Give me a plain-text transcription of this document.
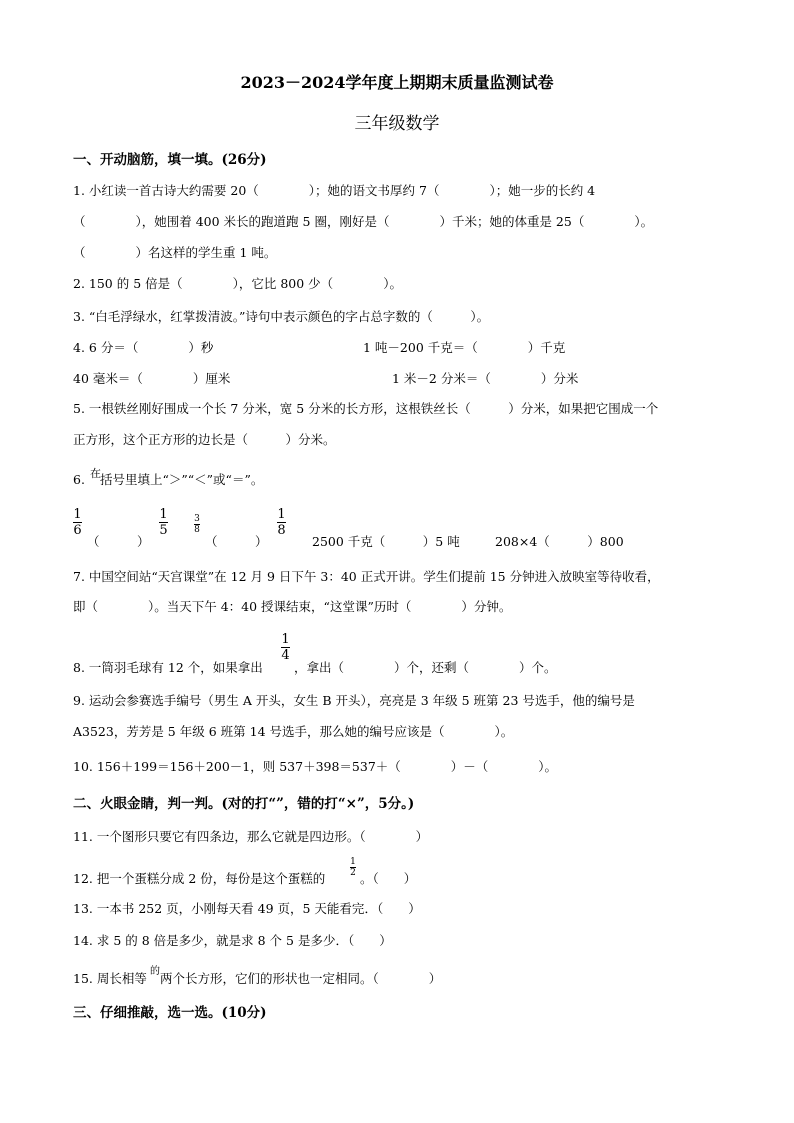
2023－2024学年度上期期末质量监测试卷
三年级数学
一、开动脑筋，填一填。(26分)
1. 小红读一首古诗大约需要 20（　　　　）；她的语文书厚约 7（　　　　）；她一步的长约 4
（　　　　），她围着 400 米长的跑道跑 5 圈，刚好是（　　　　）千米；她的体重是 25（　　　　）。
（　　　　）名这样的学生重 1 吨。
2. 150 的 5 倍是（　　　　），它比 800 少（　　　　）。
3. “白毛浮绿水，红掌拨清波。”诗句中表示颜色的字占总字数的（　　　）。
4. 6 分＝（　　　　）秒	1 吨－200 千克＝（　　　　）千克
40 毫米＝（　　　　）厘米	1 米－2 分米＝（　　　　）分米
5. 一根铁丝刚好围成一个长 7 分米，宽 5 分米的长方形，这根铁丝长（　　　）分米，如果把它围成一个
正方形，这个正方形的边长是（　　　）分米。
6. 在 括号里填上“＞”“＜”或“＝”。
1
6
（　　　）
1
5
3
8
（　　　）
1
8
2500 千克（　　　）5 吨	208×4（　　　）800
7. 中国空间站“天宫课堂”在 12 月 9 日下午 3：40 正式开讲。学生们提前 15 分钟进入放映室等待收看，
即（　　　　）。当天下午 4：40 授课结束，“这堂课”历时（　　　　）分钟。
8. 一筒羽毛球有 12 个，如果拿出
1
4
，拿出（　　　　）个，还剩（　　　　）个。
9. 运动会参赛选手编号（男生 A 开头，女生 B 开头），亮亮是 3 年级 5 班第 23 号选手，他的编号是
A3523，芳芳是 5 年级 6 班第 14 号选手，那么她的编号应该是（　　　　）。
10. 156＋199＝156＋200－1，则 537＋398＝537＋（　　　　）－（　　　　）。
二、火眼金睛，判一判。(对的打“”，错的打“×”，5分。)
11. 一个图形只要它有四条边，那么它就是四边形。（　　　　）
12. 把一个蛋糕分成 2 份，每份是这个蛋糕的
1
2 。（　　）
13. 一本书 252 页，小刚每天看 49 页，5 天能看完．（　　）
14. 求 5 的 8 倍是多少，就是求 8 个 5 是多少．（　　）
15. 周长相等 的 两个长方形，它们的形状也一定相同。（　　　　）
三、仔细推敲，选一选。(10分)
